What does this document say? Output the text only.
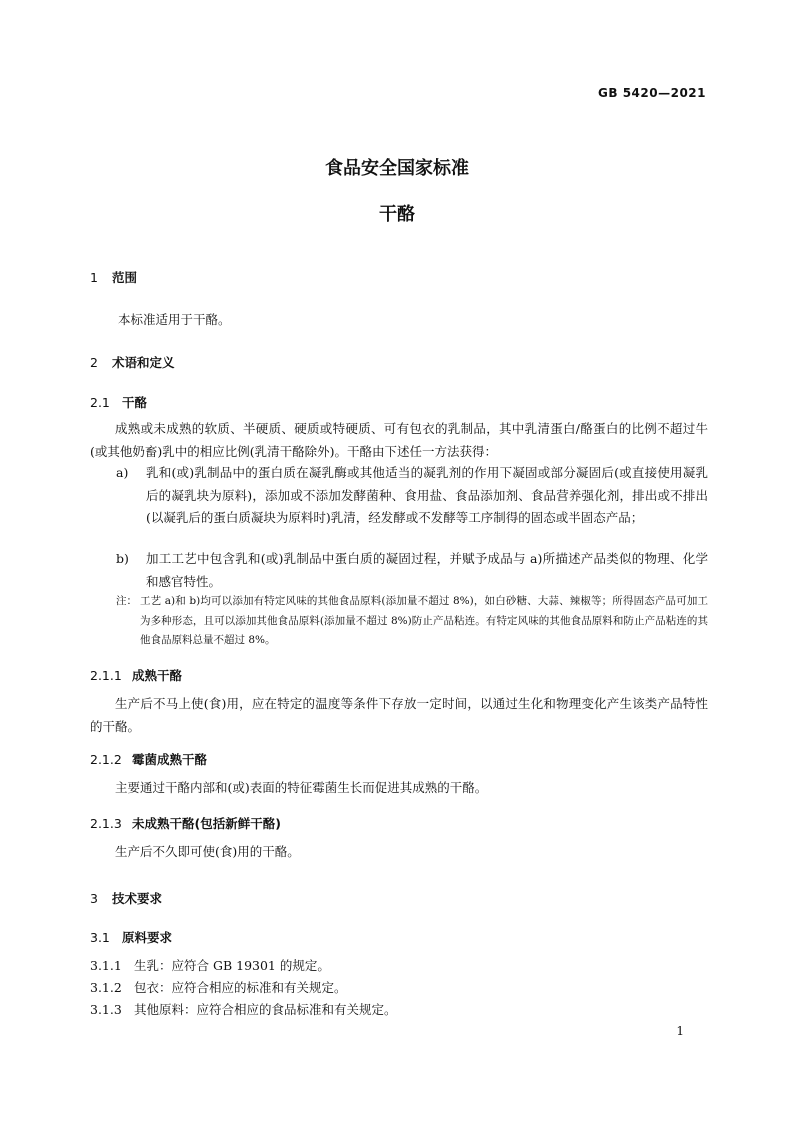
GB 5420—2021
食品安全国家标准
干酪
1 范围
本标准适用于干酪。
2 术语和定义
2.1 干酪
成熟或未成熟的软质、半硬质、硬质或特硬质、可有包衣的乳制品，其中乳清蛋白/酪蛋白的比例不超过牛(或其他奶畜)乳中的相应比例(乳清干酪除外)。干酪由下述任一方法获得：
a) 乳和(或)乳制品中的蛋白质在凝乳酶或其他适当的凝乳剂的作用下凝固或部分凝固后(或直接使用凝乳后的凝乳块为原料)，添加或不添加发酵菌种、食用盐、食品添加剂、食品营养强化剂，排出或不排出(以凝乳后的蛋白质凝块为原料时)乳清，经发酵或不发酵等工序制得的固态或半固态产品；
b) 加工工艺中包含乳和(或)乳制品中蛋白质的凝固过程，并赋予成品与 a)所描述产品类似的物理、化学和感官特性。
注： 工艺 a)和 b)均可以添加有特定风味的其他食品原料(添加量不超过 8%)，如白砂糖、大蒜、辣椒等；所得固态产品可加工为多种形态，且可以添加其他食品原料(添加量不超过 8%)防止产品粘连。有特定风味的其他食品原料和防止产品粘连的其他食品原料总量不超过 8%。
2.1.1 成熟干酪
生产后不马上使(食)用，应在特定的温度等条件下存放一定时间，以通过生化和物理变化产生该类产品特性的干酪。
2.1.2 霉菌成熟干酪
主要通过干酪内部和(或)表面的特征霉菌生长而促进其成熟的干酪。
2.1.3 未成熟干酪(包括新鲜干酪)
生产后不久即可使(食)用的干酪。
3 技术要求
3.1 原料要求
3.1.1 生乳：应符合 GB 19301 的规定。
3.1.2 包衣：应符合相应的标准和有关规定。
3.1.3 其他原料：应符合相应的食品标准和有关规定。
1
